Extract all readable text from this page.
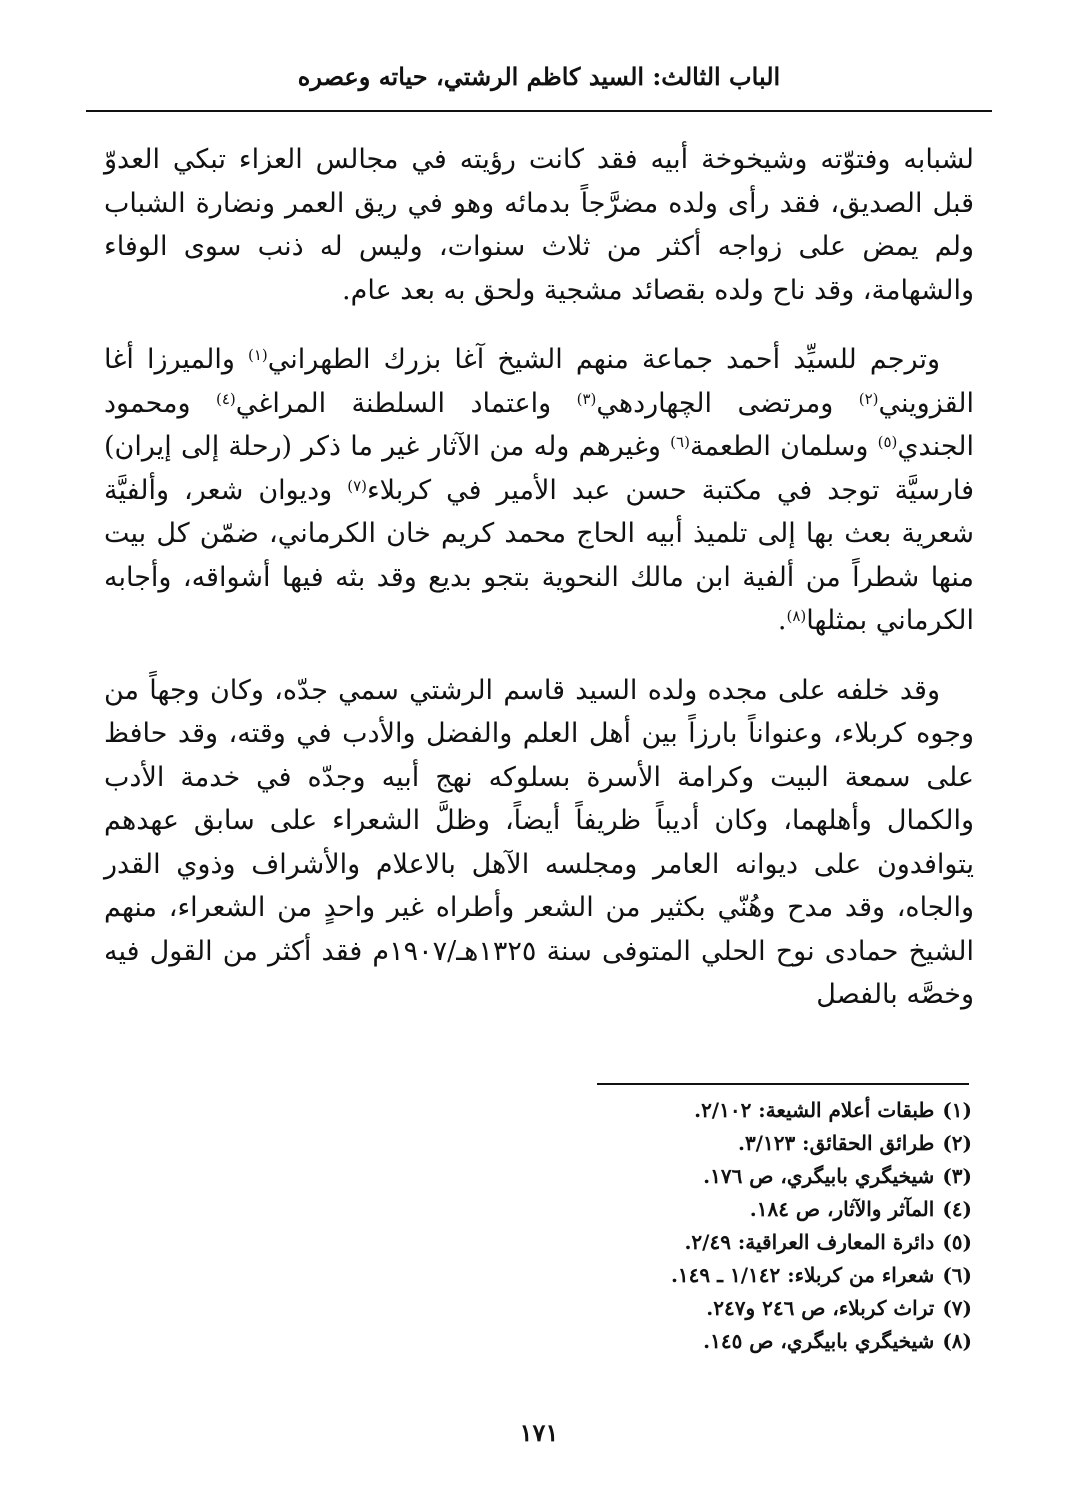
الباب الثالث: السيد كاظم الرشتي، حياته وعصره

لشبابه وفتوّته وشيخوخة أبيه فقد كانت رؤيته في مجالس العزاء تبكي العدوّ قبل الصديق، فقد رأى ولده مضرَّجاً بدمائه وهو في ريق العمر ونضارة الشباب ولم يمض على زواجه أكثر من ثلاث سنوات، وليس له ذنب سوى الوفاء والشهامة، وقد ناح ولده بقصائد مشجية ولحق به بعد عام.

وترجم للسيِّد أحمد جماعة منهم الشيخ آغا بزرك الطهراني$^{(١)}$ والميرزا أغا القزويني$^{(٢)}$ ومرتضى الچهاردهي$^{(٣)}$ واعتماد السلطنة المراغي$^{(٤)}$ ومحمود الجندي$^{(٥)}$ وسلمان الطعمة$^{(٦)}$ وغيرهم وله من الآثار غير ما ذكر (رحلة إلى إيران) فارسيَّة توجد في مكتبة حسن عبد الأمير في كربلاء$^{(٧)}$ وديوان شعر، وألفيَّة شعرية بعث بها إلى تلميذ أبيه الحاج محمد كريم خان الكرماني، ضمّن كل بيت منها شطراً من ألفية ابن مالك النحوية بتجو بديع وقد بثه فيها أشواقه، وأجابه الكرماني بمثلها$^{(٨)}$.

وقد خلفه على مجده ولده السيد قاسم الرشتي سمي جدّه، وكان وجهاً من وجوه كربلاء، وعنواناً بارزاً بين أهل العلم والفضل والأدب في وقته، وقد حافظ على سمعة البيت وكرامة الأسرة بسلوكه نهج أبيه وجدّه في خدمة الأدب والكمال وأهلهما، وكان أديباً ظريفاً أيضاً، وظلَّ الشعراء على سابق عهدهم يتوافدون على ديوانه العامر ومجلسه الآهل بالاعلام والأشراف وذوي القدر والجاه، وقد مدح وهُنّي بكثير من الشعر وأطراه غير واحدٍ من الشعراء، منهم الشيخ حمادى نوح الحلي المتوفى سنة ١٣٢٥هـ/١٩٠٧م فقد أكثر من القول فيه وخصَّه بالفصل

(١)طبقات أعلام الشيعة: ٢/١٠٢.
(٢)طرائق الحقائق: ٣/١٢٣.
(٣)شيخيگري بابيگري، ص ١٧٦.
(٤)المآثر والآثار، ص ١٨٤.
(٥)دائرة المعارف العراقية: ٢/٤٩.
(٦)شعراء من كربلاء: ١/١٤٢ ـ ١٤٩.
(٧)تراث كربلاء، ص ٢٤٦ و٢٤٧.
(٨)شيخيگري بابيگري، ص ١٤٥.
١٧١
